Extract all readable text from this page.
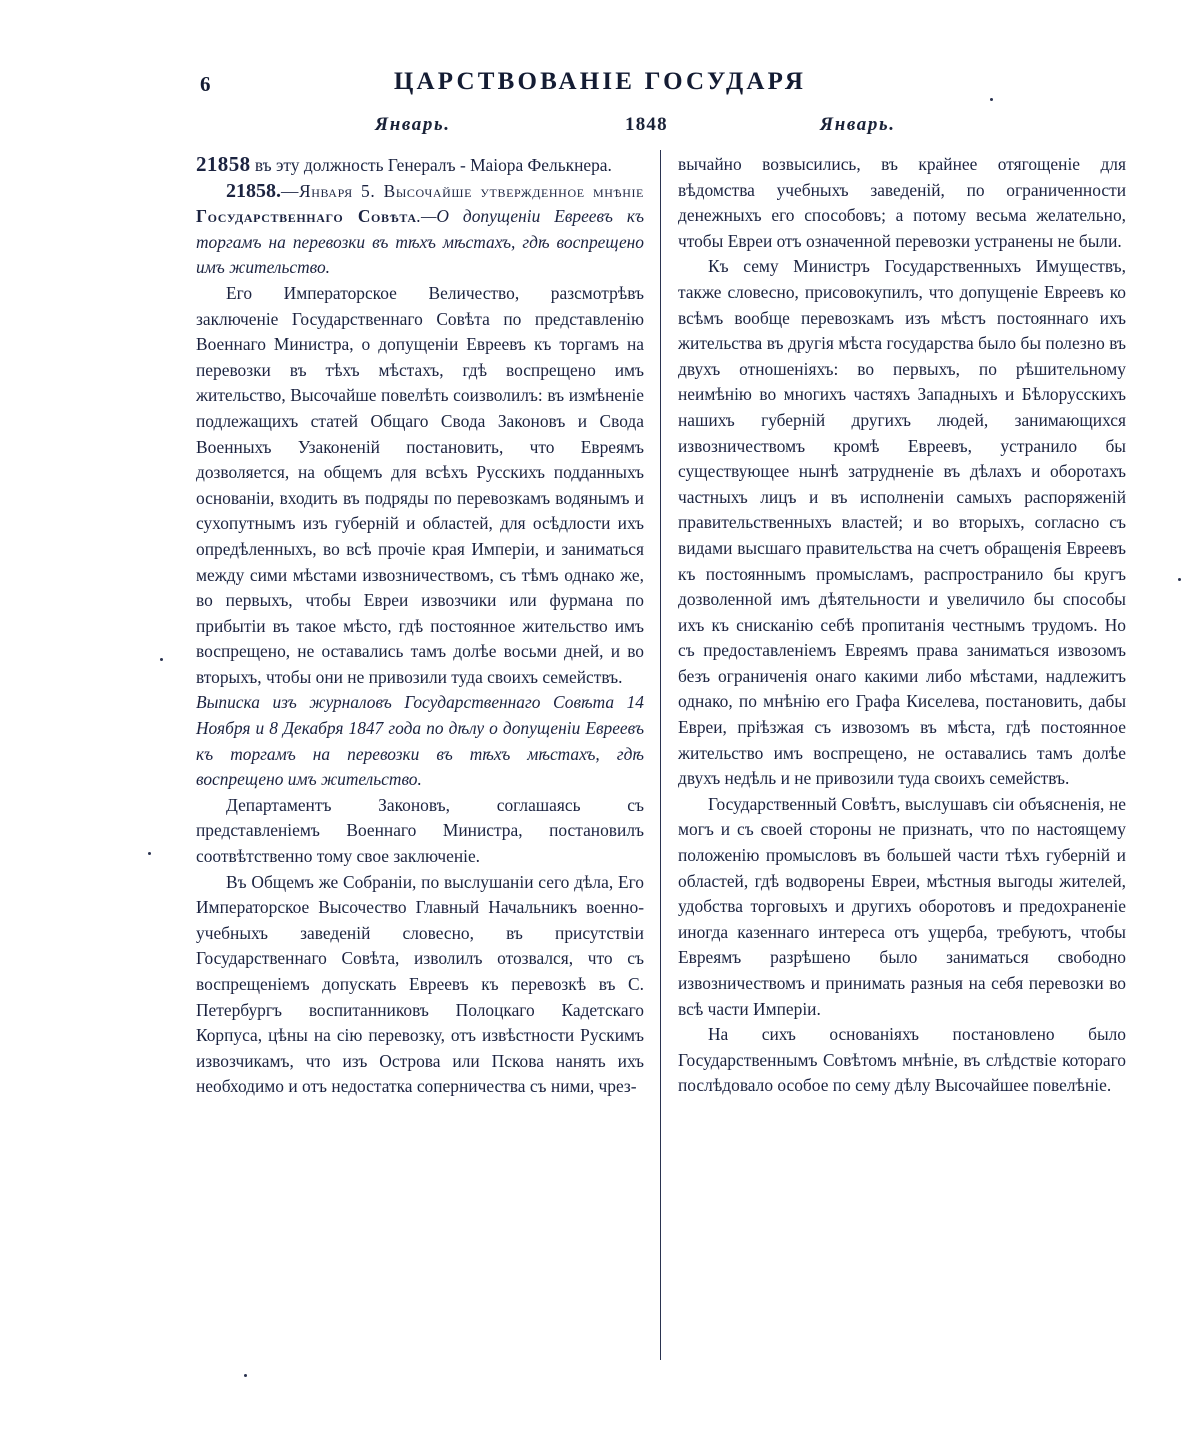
6	ЦАРСТВОВАНІЕ ГОСУДАРЯ
Январь.	1848	Январь.

21858 въ эту должность Генералъ - Маіора Фелькнера.

21858.—Января 5. Высочайше утвержденное мнѣніе Государственнаго Совѣта.—О допущеніи Евреевъ къ торгамъ на перевозки въ тѣхъ мѣстахъ, гдѣ воспрещено имъ жительство.

Его Императорское Величество, разсмотрѣвъ заключеніе Государственнаго Совѣта по представленію Военнаго Министра, о допущеніи Евреевъ къ торгамъ на перевозки въ тѣхъ мѣстахъ, гдѣ воспрещено имъ жительство, Высочайше повелѣть соизволилъ: въ измѣненіе подлежащихъ статей Общаго Свода Законовъ и Свода Военныхъ Узаконеній постановить, что Евреямъ дозволяется, на общемъ для всѣхъ Русскихъ подданныхъ основаніи, входить въ подряды по перевозкамъ водянымъ и сухопутнымъ изъ губерній и областей, для осѣдлости ихъ опредѣленныхъ, во всѣ прочіе края Имперіи, и заниматься между сими мѣстами извозничествомъ, съ тѣмъ однако же, во первыхъ, чтобы Евреи извозчики или фурмана по прибытіи въ такое мѣсто, гдѣ постоянное жительство имъ воспрещено, не оставались тамъ долѣе восьми дней, и во вторыхъ, чтобы они не привозили туда своихъ семействъ.

Выписка изъ журналовъ Государственнаго Совѣта 14 Ноября и 8 Декабря 1847 года по дѣлу о допущеніи Евреевъ къ торгамъ на перевозки въ тѣхъ мѣстахъ, гдѣ воспрещено имъ жительство.

Департаментъ Законовъ, соглашаясь съ представленіемъ Военнаго Министра, постановилъ соотвѣтственно тому свое заключеніе.

Въ Общемъ же Собраніи, по выслушаніи сего дѣла, Его Императорское Высочество Главный Начальникъ военно-учебныхъ заведеній словесно, въ присутствіи Государственнаго Совѣта, изволилъ отозвался, что съ воспрещеніемъ допускать Евреевъ къ перевозкѣ въ С. Петербургъ воспитанниковъ Полоцкаго Кадетскаго Корпуса, цѣны на сію перевозку, отъ извѣстности Рускимъ извозчикамъ, что изъ Острова или Пскова нанять ихъ необходимо и отъ недостатка соперничества съ ними, чрез-

вычайно возвысились, въ крайнее отягощеніе для вѣдомства учебныхъ заведеній, по ограниченности денежныхъ его способовъ; а потому весьма желательно, чтобы Евреи отъ означенной перевозки устранены не были.

Къ сему Министръ Государственныхъ Имуществъ, также словесно, присовокупилъ, что допущеніе Евреевъ ко всѣмъ вообще перевозкамъ изъ мѣстъ постояннаго ихъ жительства въ другія мѣста государства было бы полезно въ двухъ отношеніяхъ: во первыхъ, по рѣшительному неимѣнію во многихъ частяхъ Западныхъ и Бѣлорусскихъ нашихъ губерній другихъ людей, занимающихся извозничествомъ кромѣ Евреевъ, устранило бы существующее нынѣ затрудненіе въ дѣлахъ и оборотахъ частныхъ лицъ и въ исполненіи самыхъ распоряженій правительственныхъ властей; и во вторыхъ, согласно съ видами высшаго правительства на счетъ обращенія Евреевъ къ постояннымъ промысламъ, распространило бы кругъ дозволенной имъ дѣятельности и увеличило бы способы ихъ къ снисканію себѣ пропитанія честнымъ трудомъ. Но съ предоставленіемъ Евреямъ права заниматься извозомъ безъ ограниченія онаго какими либо мѣстами, надлежитъ однако, по мнѣнію его Графа Киселева, постановить, дабы Евреи, пріѣзжая съ извозомъ въ мѣста, гдѣ постоянное жительство имъ воспрещено, не оставались тамъ долѣе двухъ недѣль и не привозили туда своихъ семействъ.

Государственный Совѣтъ, выслушавъ сіи объясненія, не могъ и съ своей стороны не признать, что по настоящему положенію промысловъ въ большей части тѣхъ губерній и областей, гдѣ водворены Евреи, мѣстныя выгоды жителей, удобства торговыхъ и другихъ оборотовъ и предохраненіе иногда казеннаго интереса отъ ущерба, требуютъ, чтобы Евреямъ разрѣшено было заниматься свободно извозничествомъ и принимать разныя на себя перевозки во всѣ части Имперіи.

На сихъ основаніяхъ постановлено было Государственнымъ Совѣтомъ мнѣніе, въ слѣдствіе котораго послѣдовало особое по сему дѣлу Высочайшее повелѣніе.
